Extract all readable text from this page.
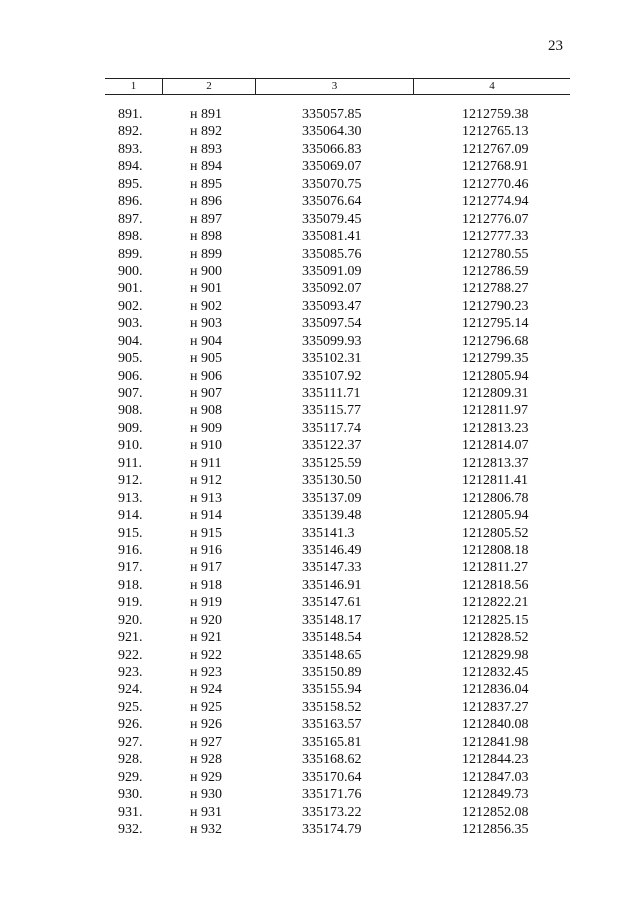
23
1	2	3	4
891.	н 891	335057.85	1212759.38
892.	н 892	335064.30	1212765.13
893.	н 893	335066.83	1212767.09
894.	н 894	335069.07	1212768.91
895.	н 895	335070.75	1212770.46
896.	н 896	335076.64	1212774.94
897.	н 897	335079.45	1212776.07
898.	н 898	335081.41	1212777.33
899.	н 899	335085.76	1212780.55
900.	н 900	335091.09	1212786.59
901.	н 901	335092.07	1212788.27
902.	н 902	335093.47	1212790.23
903.	н 903	335097.54	1212795.14
904.	н 904	335099.93	1212796.68
905.	н 905	335102.31	1212799.35
906.	н 906	335107.92	1212805.94
907.	н 907	335111.71	1212809.31
908.	н 908	335115.77	1212811.97
909.	н 909	335117.74	1212813.23
910.	н 910	335122.37	1212814.07
911.	н 911	335125.59	1212813.37
912.	н 912	335130.50	1212811.41
913.	н 913	335137.09	1212806.78
914.	н 914	335139.48	1212805.94
915.	н 915	335141.3	1212805.52
916.	н 916	335146.49	1212808.18
917.	н 917	335147.33	1212811.27
918.	н 918	335146.91	1212818.56
919.	н 919	335147.61	1212822.21
920.	н 920	335148.17	1212825.15
921.	н 921	335148.54	1212828.52
922.	н 922	335148.65	1212829.98
923.	н 923	335150.89	1212832.45
924.	н 924	335155.94	1212836.04
925.	н 925	335158.52	1212837.27
926.	н 926	335163.57	1212840.08
927.	н 927	335165.81	1212841.98
928.	н 928	335168.62	1212844.23
929.	н 929	335170.64	1212847.03
930.	н 930	335171.76	1212849.73
931.	н 931	335173.22	1212852.08
932.	н 932	335174.79	1212856.35
